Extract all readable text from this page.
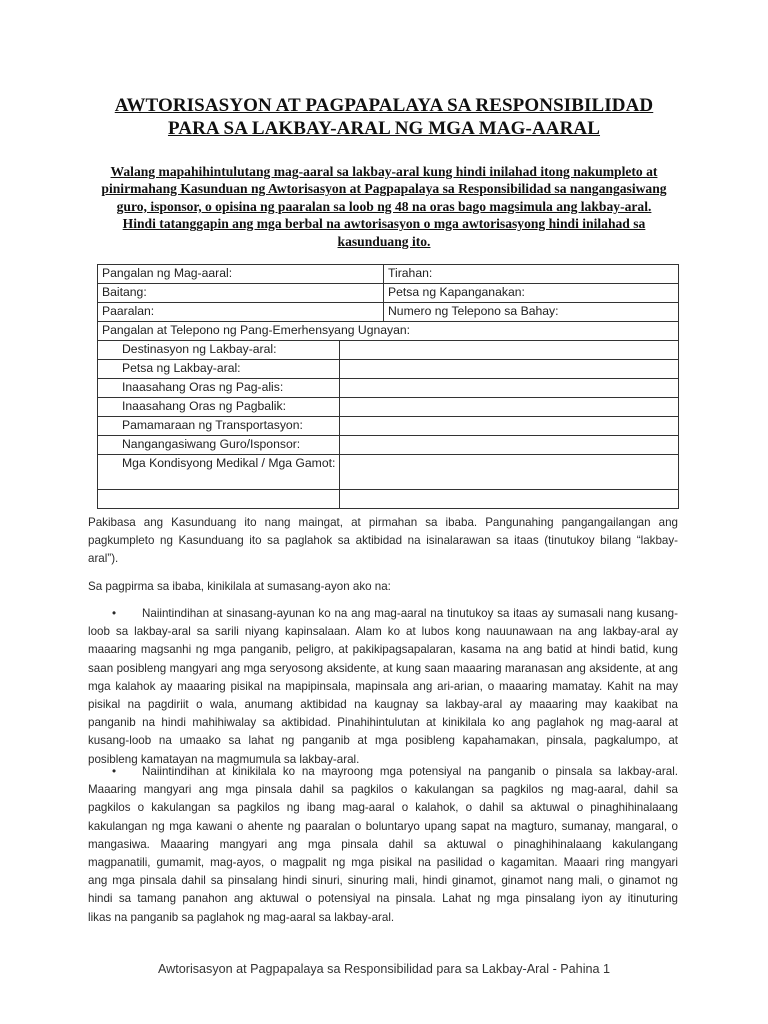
AWTORISASYON AT PAGPAPALAYA SA RESPONSIBILIDAD
PARA SA LAKBAY-ARAL NG MGA MAG-AARAL
Walang mapahihintulutang mag-aaral sa lakbay-aral kung hindi inilahad itong nakumpleto at
pinirmahang Kasunduan ng Awtorisasyon at Pagpapalaya sa Responsibilidad sa nangangasiwang
guro, isponsor, o opisina ng paaralan sa loob ng 48 na oras bago magsimula ang lakbay-aral.
Hindi tatanggapin ang mga berbal na awtorisasyon o mga awtorisasyong hindi inilahad sa
kasunduang ito.
Pangalan ng Mag-aaral:		Tirahan:
Baitang:		Petsa ng Kapanganakan:
Paaralan:		Numero ng Telepono sa Bahay:
Pangalan at Telepono ng Pang-Emerhensyang Ugnayan:		
Destinasyon ng Lakbay-aral:		
Petsa ng Lakbay-aral:		
Inaasahang Oras ng Pag-alis:		
Inaasahang Oras ng Pagbalik:		
Pamamaraan ng Transportasyon:		
Nangangasiwang Guro/Isponsor:		
Mga Kondisyong Medikal / Mga Gamot:		

Pakibasa ang Kasunduang ito nang maingat, at pirmahan sa ibaba. Pangunahing pangangailangan ang
pagkumpleto ng Kasunduang ito sa paglahok sa aktibidad na isinalarawan sa itaas (tinutukoy bilang “lakbay-
aral”).
Sa pagpirma sa ibaba, kinikilala at sumasang-ayon ako na:
• Naiintindihan at sinasang-ayunan ko na ang mag-aaral na tinutukoy sa itaas ay sumasali nang kusang-
loob sa lakbay-aral sa sarili niyang kapinsalaan. Alam ko at lubos kong nauunawaan na ang lakbay-aral ay
maaaring magsanhi ng mga panganib, peligro, at pakikipagsapalaran, kasama na ang batid at hindi batid, kung
saan posibleng mangyari ang mga seryosong aksidente, at kung saan maaaring maranasan ang aksidente, at ang
mga kalahok ay maaaring pisikal na mapipinsala, mapinsala ang ari-arian, o maaaring mamatay. Kahit na may
pisikal na pagdiriit o wala, anumang aktibidad na kaugnay sa lakbay-aral ay maaaring may kaakibat na
panganib na hindi mahihiwalay sa aktibidad. Pinahihintulutan at kinikilala ko ang paglahok ng mag-aaral at
kusang-loob na umaako sa lahat ng panganib at mga posibleng kapahamakan, pinsala, pagkalumpo, at
posibleng kamatayan na magmumula sa lakbay-aral.
• Naiintindihan at kinikilala ko na mayroong mga potensiyal na panganib o pinsala sa lakbay-aral.
Maaaring mangyari ang mga pinsala dahil sa pagkilos o kakulangan sa pagkilos ng mag-aaral, dahil sa
pagkilos o kakulangan sa pagkilos ng ibang mag-aaral o kalahok, o dahil sa aktuwal o pinaghihinalaang
kakulangan ng mga kawani o ahente ng paaralan o boluntaryo upang sapat na magturo, sumanay, mangaral, o
mangasiwa. Maaaring mangyari ang mga pinsala dahil sa aktuwal o pinaghihinalaang kakulangang
magpanatili, gumamit, mag-ayos, o magpalit ng mga pisikal na pasilidad o kagamitan. Maaari ring mangyari
ang mga pinsala dahil sa pinsalang hindi sinuri, sinuring mali, hindi ginamot, ginamot nang mali, o ginamot ng
hindi sa tamang panahon ang aktuwal o potensiyal na pinsala. Lahat ng mga pinsalang iyon ay itinuturing
likas na panganib sa paglahok ng mag-aaral sa lakbay-aral.
Awtorisasyon at Pagpapalaya sa Responsibilidad para sa Lakbay-Aral - Pahina 1
